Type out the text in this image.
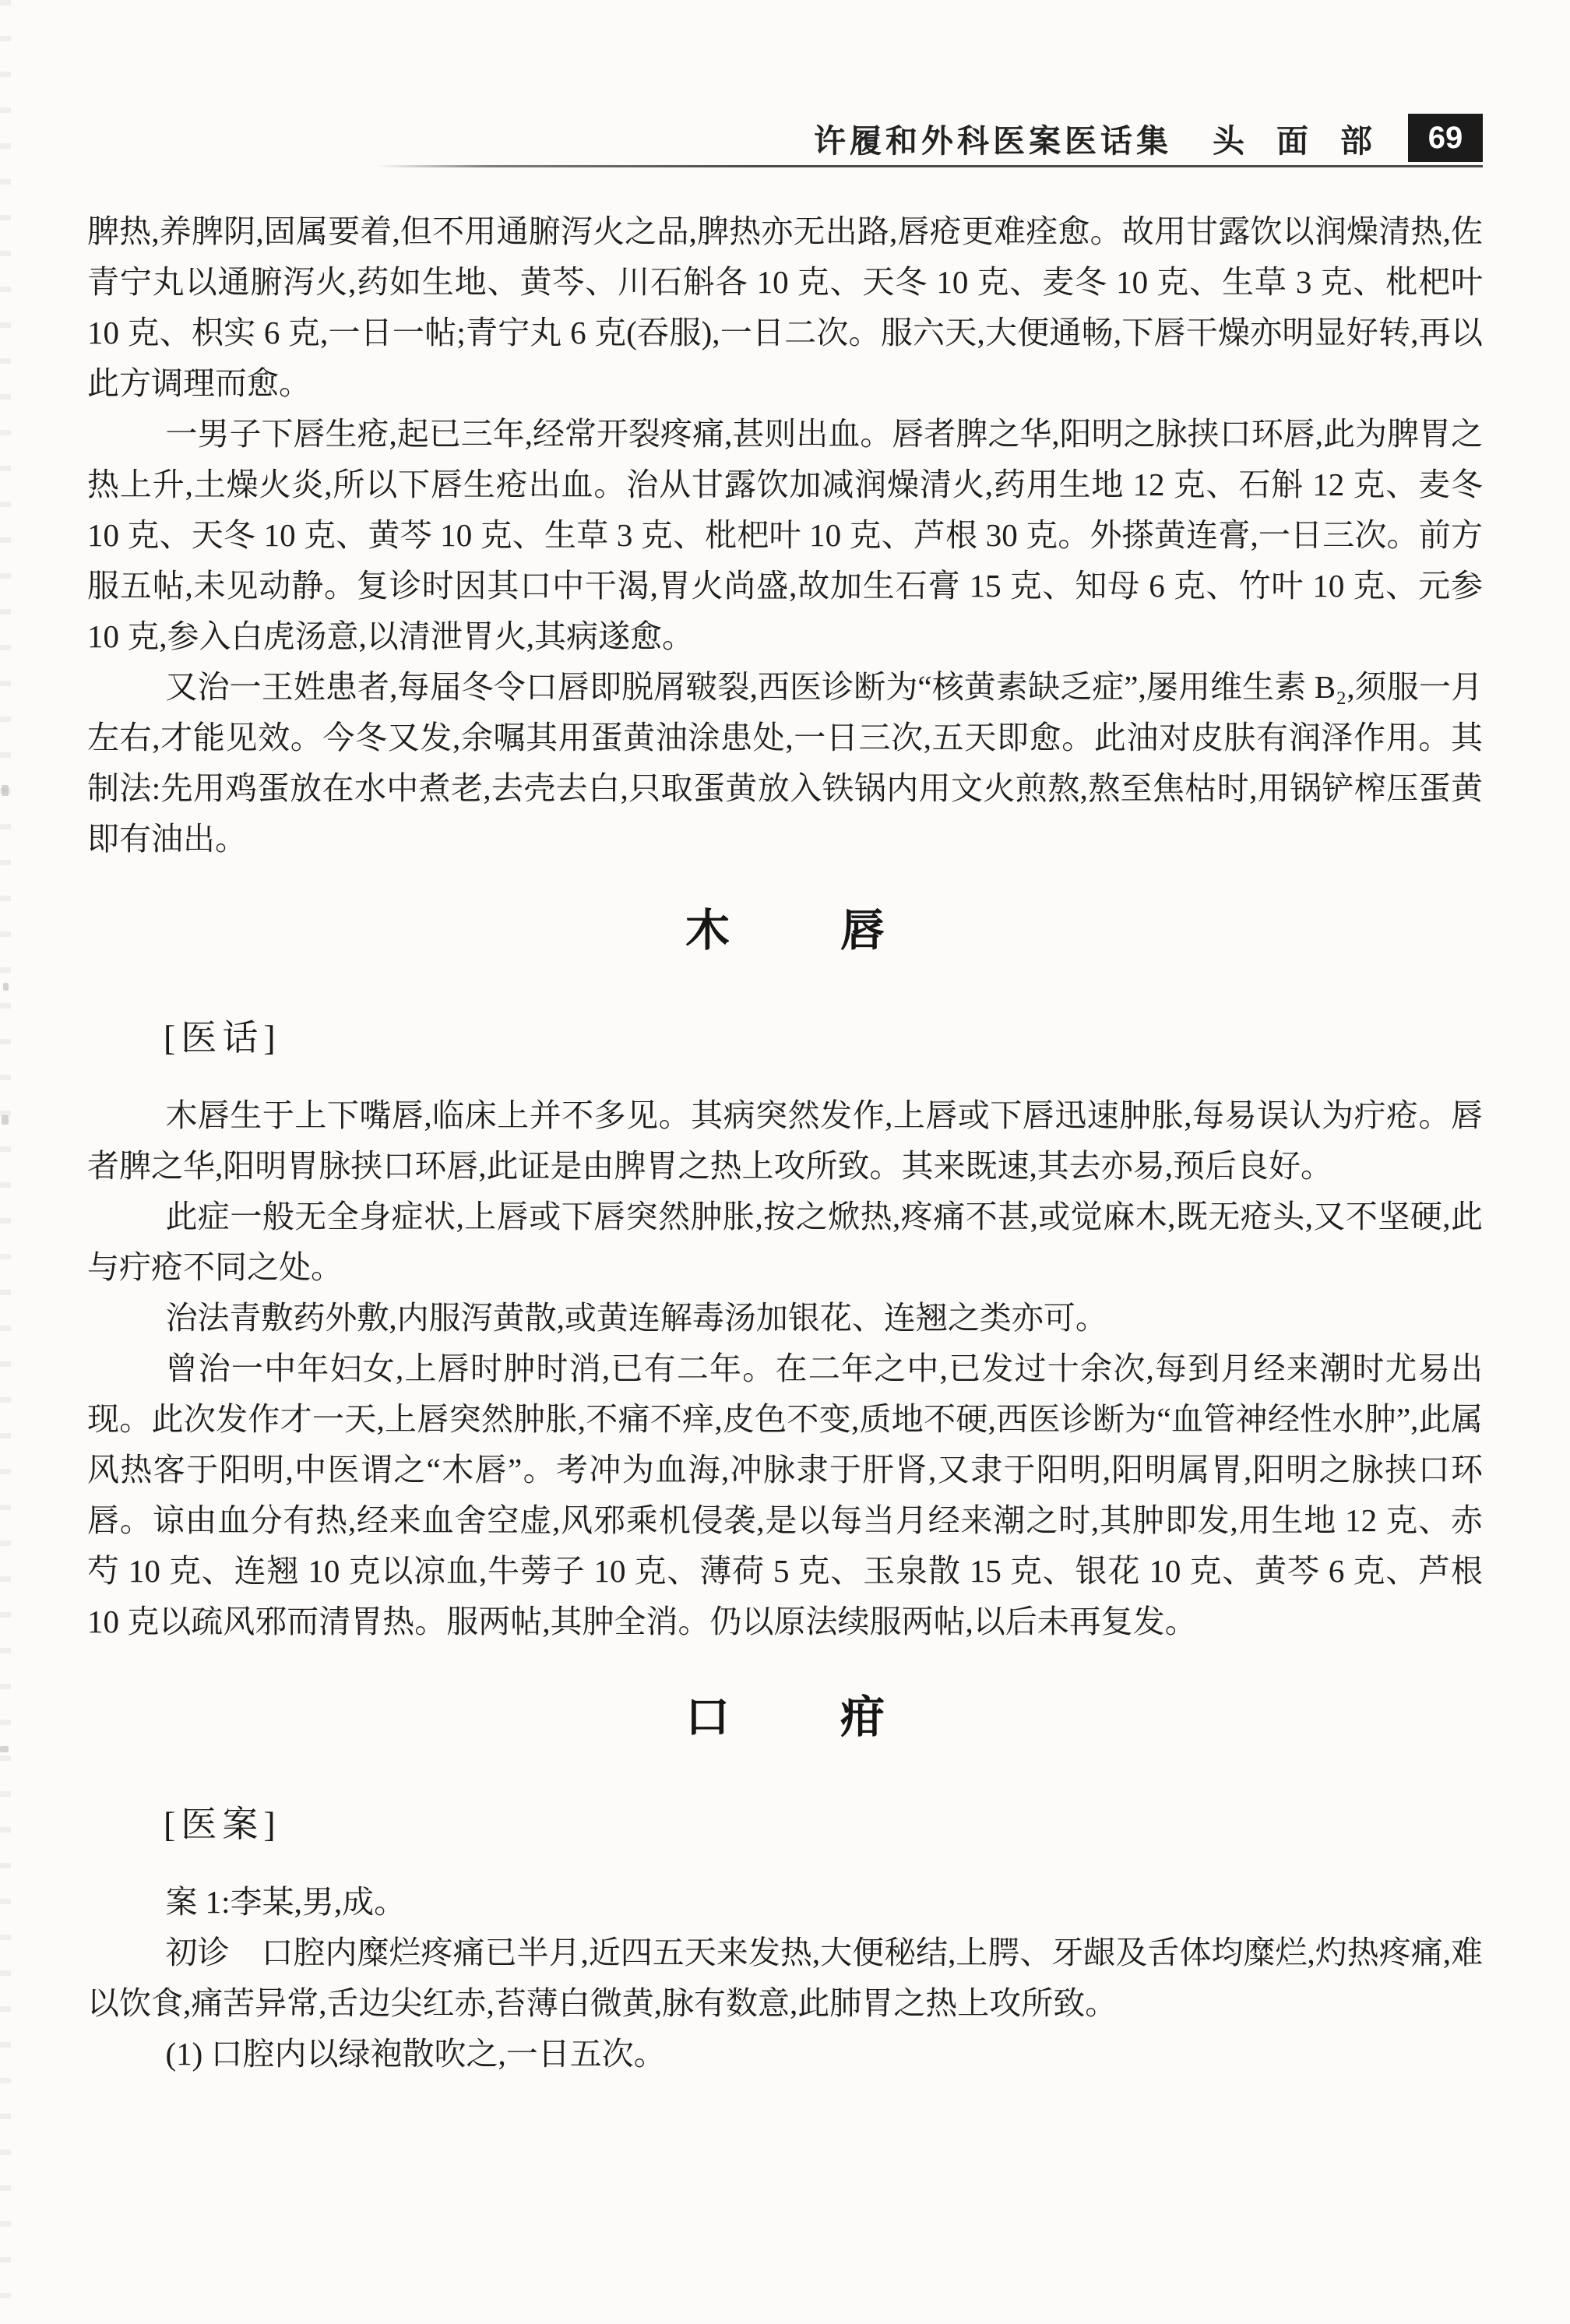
许履和外科医案医话集 头　面　部 69

脾热,养脾阴,固属要着,但不用通腑泻火之品,脾热亦无出路,唇疮更难痊愈。故用甘露饮以润燥清热,佐青宁丸以通腑泻火,药如生地、黄芩、川石斛各 10 克、天冬 10 克、麦冬 10 克、生草 3 克、枇杷叶 10 克、枳实 6 克,一日一帖;青宁丸 6 克(吞服),一日二次。服六天,大便通畅,下唇干燥亦明显好转,再以此方调理而愈。

一男子下唇生疮,起已三年,经常开裂疼痛,甚则出血。唇者脾之华,阳明之脉挟口环唇,此为脾胃之热上升,土燥火炎,所以下唇生疮出血。治从甘露饮加减润燥清火,药用生地 12 克、石斛 12 克、麦冬 10 克、天冬 10 克、黄芩 10 克、生草 3 克、枇杷叶 10 克、芦根 30 克。外搽黄连膏,一日三次。前方服五帖,未见动静。复诊时因其口中干渴,胃火尚盛,故加生石膏 15 克、知母 6 克、竹叶 10 克、元参 10 克,参入白虎汤意,以清泄胃火,其病遂愈。

又治一王姓患者,每届冬令口唇即脱屑皲裂,西医诊断为“核黄素缺乏症”,屡用维生素 B₂,须服一月左右,才能见效。今冬又发,余嘱其用蛋黄油涂患处,一日三次,五天即愈。此油对皮肤有润泽作用。其制法:先用鸡蛋放在水中煮老,去壳去白,只取蛋黄放入铁锅内用文火煎熬,熬至焦枯时,用锅铲榨压蛋黄即有油出。

木 唇
[医话]

木唇生于上下嘴唇,临床上并不多见。其病突然发作,上唇或下唇迅速肿胀,每易误认为疔疮。唇者脾之华,阳明胃脉挟口环唇,此证是由脾胃之热上攻所致。其来既速,其去亦易,预后良好。

此症一般无全身症状,上唇或下唇突然肿胀,按之焮热,疼痛不甚,或觉麻木,既无疮头,又不坚硬,此与疔疮不同之处。

治法青敷药外敷,内服泻黄散,或黄连解毒汤加银花、连翘之类亦可。

曾治一中年妇女,上唇时肿时消,已有二年。在二年之中,已发过十余次,每到月经来潮时尤易出现。此次发作才一天,上唇突然肿胀,不痛不痒,皮色不变,质地不硬,西医诊断为“血管神经性水肿”,此属风热客于阳明,中医谓之“木唇”。考冲为血海,冲脉隶于肝肾,又隶于阳明,阳明属胃,阳明之脉挟口环唇。谅由血分有热,经来血舍空虚,风邪乘机侵袭,是以每当月经来潮之时,其肿即发,用生地 12 克、赤芍 10 克、连翘 10 克以凉血,牛蒡子 10 克、薄荷 5 克、玉泉散 15 克、银花 10 克、黄芩 6 克、芦根 10 克以疏风邪而清胃热。服两帖,其肿全消。仍以原法续服两帖,以后未再复发。

口 疳
[医案]

案 1:李某,男,成。

初诊　口腔内糜烂疼痛已半月,近四五天来发热,大便秘结,上腭、牙龈及舌体均糜烂,灼热疼痛,难以饮食,痛苦异常,舌边尖红赤,苔薄白微黄,脉有数意,此肺胃之热上攻所致。

(1) 口腔内以绿袍散吹之,一日五次。
